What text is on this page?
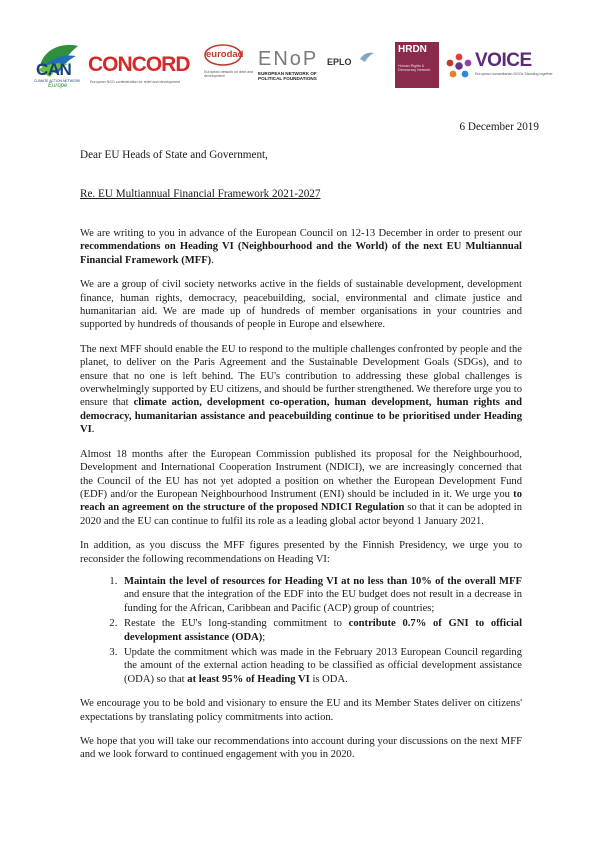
CAN
CLIMATE ACTION NETWORK
Europe
CONCORD
European NGO confederation for relief and development
eurodad
European network on debt and development
ENoP
EUROPEAN NETWORK OF POLITICAL FOUNDATIONS
EPLO
HRDN
Human Rights & Democracy Network	VOICE
European humanitarian NGOs Standing together
6 December 2019
Dear EU Heads of State and Government,
Re. EU Multiannual Financial Framework 2021-2027

We are writing to you in advance of the European Council on 12-13 December in order to present our recommendations on Heading VI (Neighbourhood and the World) of the next EU Multiannual Financial Framework (MFF).

We are a group of civil society networks active in the fields of sustainable development, development finance, human rights, democracy, peacebuilding, social, environmental and climate justice and humanitarian aid. We are made up of hundreds of member organisations in your countries and supported by hundreds of thousands of people in Europe and elsewhere.

The next MFF should enable the EU to respond to the multiple challenges confronted by people and the planet, to deliver on the Paris Agreement and the Sustainable Development Goals (SDGs), and to ensure that no one is left behind. The EU's contribution to addressing these global challenges is overwhelmingly supported by EU citizens, and should be further strengthened. We therefore urge you to ensure that climate action, development co-operation, human development, human rights and democracy, humanitarian assistance and peacebuilding continue to be prioritised under Heading VI.

Almost 18 months after the European Commission published its proposal for the Neighbourhood, Development and International Cooperation Instrument (NDICI), we are increasingly concerned that the Council of the EU has not yet adopted a position on whether the European Development Fund (EDF) and/or the European Neighbourhood Instrument (ENI) should be included in it. We urge you to reach an agreement on the structure of the proposed NDICI Regulation so that it can be adopted in 2020 and the EU can continue to fulfil its role as a leading global actor beyond 1 January 2021.

In addition, as you discuss the MFF figures presented by the Finnish Presidency, we urge you to reconsider the following recommendations on Heading VI:

1. Maintain the level of resources for Heading VI at no less than 10% of the overall MFF and ensure that the integration of the EDF into the EU budget does not result in a decrease in funding for the African, Caribbean and Pacific (ACP) group of countries;
2. Restate the EU's long-standing commitment to contribute 0.7% of GNI to official development assistance (ODA);
3. Update the commitment which was made in the February 2013 European Council regarding the amount of the external action heading to be classified as official development assistance (ODA) so that at least 95% of Heading VI is ODA.

We encourage you to be bold and visionary to ensure the EU and its Member States deliver on citizens' expectations by translating policy commitments into action.

We hope that you will take our recommendations into account during your discussions on the next MFF and we look forward to continued engagement with you in 2020.
